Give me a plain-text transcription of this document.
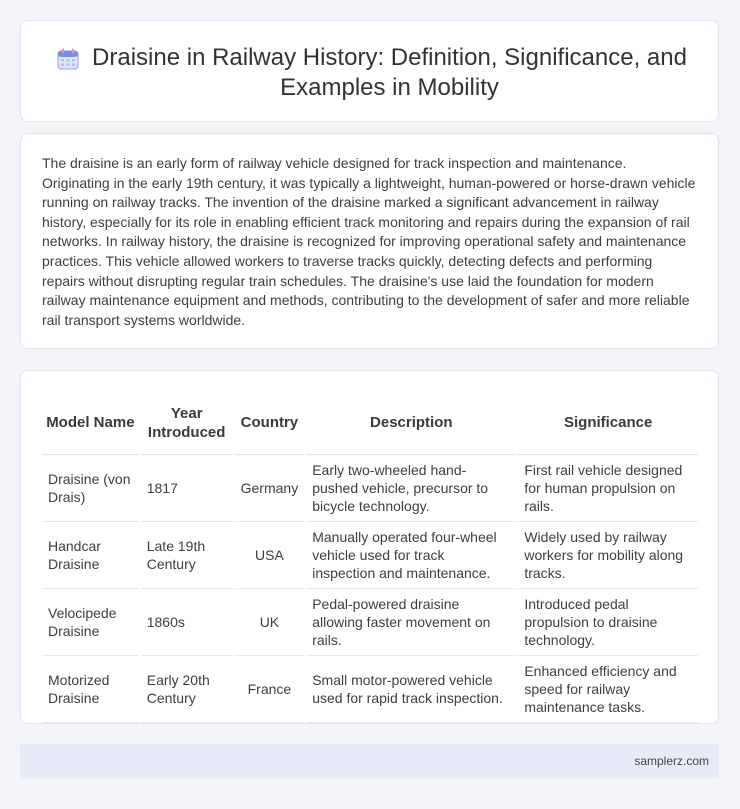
Draisine in Railway History: Definition, Significance, and Examples in Mobility

The draisine is an early form of railway vehicle designed for track inspection and maintenance. Originating in the early 19th century, it was typically a lightweight, human-powered or horse-drawn vehicle running on railway tracks. The invention of the draisine marked a significant advancement in railway history, especially for its role in enabling efficient track monitoring and repairs during the expansion of rail networks. In railway history, the draisine is recognized for improving operational safety and maintenance practices. This vehicle allowed workers to traverse tracks quickly, detecting defects and performing repairs without disrupting regular train schedules. The draisine's use laid the foundation for modern railway maintenance equipment and methods, contributing to the development of safer and more reliable rail transport systems worldwide.

Model Name	Year Introduced	Country	Description	Significance
Draisine (von Drais)	1817	Germany	Early two-wheeled hand-pushed vehicle, precursor to bicycle technology.	First rail vehicle designed for human propulsion on rails.
Handcar Draisine	Late 19th Century	USA	Manually operated four-wheel vehicle used for track inspection and maintenance.	Widely used by railway workers for mobility along tracks.
Velocipede Draisine	1860s	UK	Pedal-powered draisine allowing faster movement on rails.	Introduced pedal propulsion to draisine technology.
Motorized Draisine	Early 20th Century	France	Small motor-powered vehicle used for rapid track inspection.	Enhanced efficiency and speed for railway maintenance tasks.
samplerz.com
